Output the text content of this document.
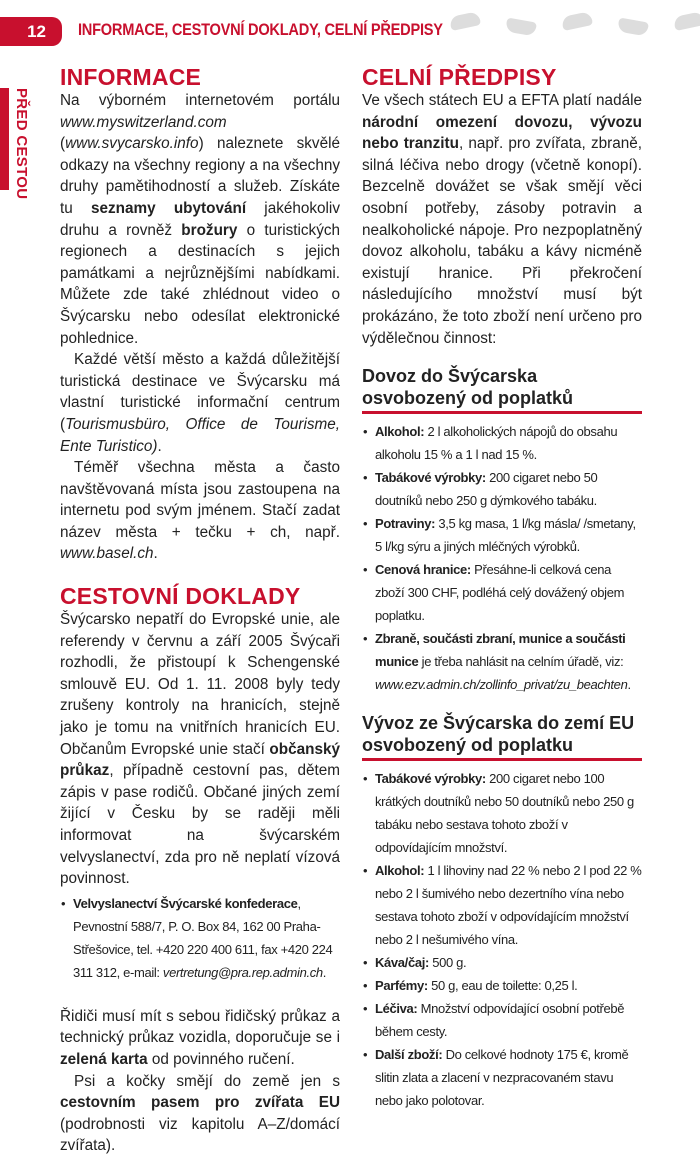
12	INFORMACE, CESTOVNÍ DOKLADY, CELNÍ PŘEDPISY
PŘED CESTOU
INFORMACE

Na výborném internetovém portálu www.myswitzerland.com (www.svycarsko.info) naleznete skvělé odkazy na všechny regiony a na všechny druhy pamětihodností a služeb. Získáte tu seznamy ubytování jakéhokoliv druhu a rovněž brožury o turistických regionech a destinacích s jejich památkami a nejrůznějšími nabídkami. Můžete zde také zhlédnout video o Švýcarsku nebo odesílat elektronické pohlednice.

Každé větší město a každá důležitější turistická destinace ve Švýcarsku má vlastní turistické informační centrum (Tourismusbüro, Office de Tourisme, Ente Turistico).

Téměř všechna města a často navštěvovaná místa jsou zastoupena na internetu pod svým jménem. Stačí zadat název města + tečku + ch, např. www.basel.ch.

CESTOVNÍ DOKLADY

Švýcarsko nepatří do Evropské unie, ale referendy v červnu a září 2005 Švýcaři rozhodli, že přistoupí k Schengenské smlouvě EU. Od 1. 11. 2008 byly tedy zrušeny kontroly na hranicích, stejně jako je tomu na vnitřních hranicích EU. Občanům Evropské unie stačí občanský průkaz, případně cestovní pas, dětem zápis v pase rodičů. Občané jiných zemí žijící v Česku by se raději měli informovat na švýcarském velvyslanectví, zda pro ně neplatí vízová povinnost.

• Velvyslanectví Švýcarské konfederace, Pevnostní 588/7, P. O. Box 84, 162 00 Praha-Střešovice, tel. +420 220 400 611, fax +420 224 311 312, e-mail: vertretung@pra.rep.admin.ch.

Řidiči musí mít s sebou řidičský průkaz a technický průkaz vozidla, doporučuje se i zelená karta od povinného ručení.

Psi a kočky smějí do země jen s cestovním pasem pro zvířata EU (podrobnosti viz kapitolu A–Z/domácí zvířata).

CELNÍ PŘEDPISY

Ve všech státech EU a EFTA platí nadále národní omezení dovozu, vývozu nebo tranzitu, např. pro zvířata, zbraně, silná léčiva nebo drogy (včetně konopí). Bezcelně dovážet se však smějí věci osobní potřeby, zásoby potravin a nealkoholické nápoje. Pro nezpoplatněný dovoz alkoholu, tabáku a kávy nicméně existují hranice. Při překročení následujícího množství musí být prokázáno, že toto zboží není určeno pro výdělečnou činnost:

Dovoz do Švýcarska osvobozený od poplatků
• Alkohol: 2 l alkoholických nápojů do obsahu alkoholu 15 % a 1 l nad 15 %.
• Tabákové výrobky: 200 cigaret nebo 50 doutníků nebo 250 g dýmkového tabáku.
• Potraviny: 3,5 kg masa, 1 l/kg másla/ /smetany, 5 l/kg sýru a jiných mléčných výrobků.
• Cenová hranice: Přesáhne-li celková cena zboží 300 CHF, podléhá celý dovážený objem poplatku.
• Zbraně, součásti zbraní, munice a součásti munice je třeba nahlásit na celním úřadě, viz: www.ezv.admin.ch/zollinfo_privat/zu_beachten.
Vývoz ze Švýcarska do zemí EU osvobozený od poplatku
• Tabákové výrobky: 200 cigaret nebo 100 krátkých doutníků nebo 50 doutníků nebo 250 g tabáku nebo sestava tohoto zboží v odpovídajícím množství.
• Alkohol: 1 l lihoviny nad 22 % nebo 2 l pod 22 % nebo 2 l šumivého nebo dezertního vína nebo sestava tohoto zboží v odpovídajícím množství nebo 2 l nešumivého vína.
• Káva/čaj: 500 g.
• Parfémy: 50 g, eau de toilette: 0,25 l.
• Léčiva: Množství odpovídající osobní potřebě během cesty.
• Další zboží: Do celkové hodnoty 175 €, kromě slitin zlata a zlacení v nezpracovaném stavu nebo jako polotovar.
